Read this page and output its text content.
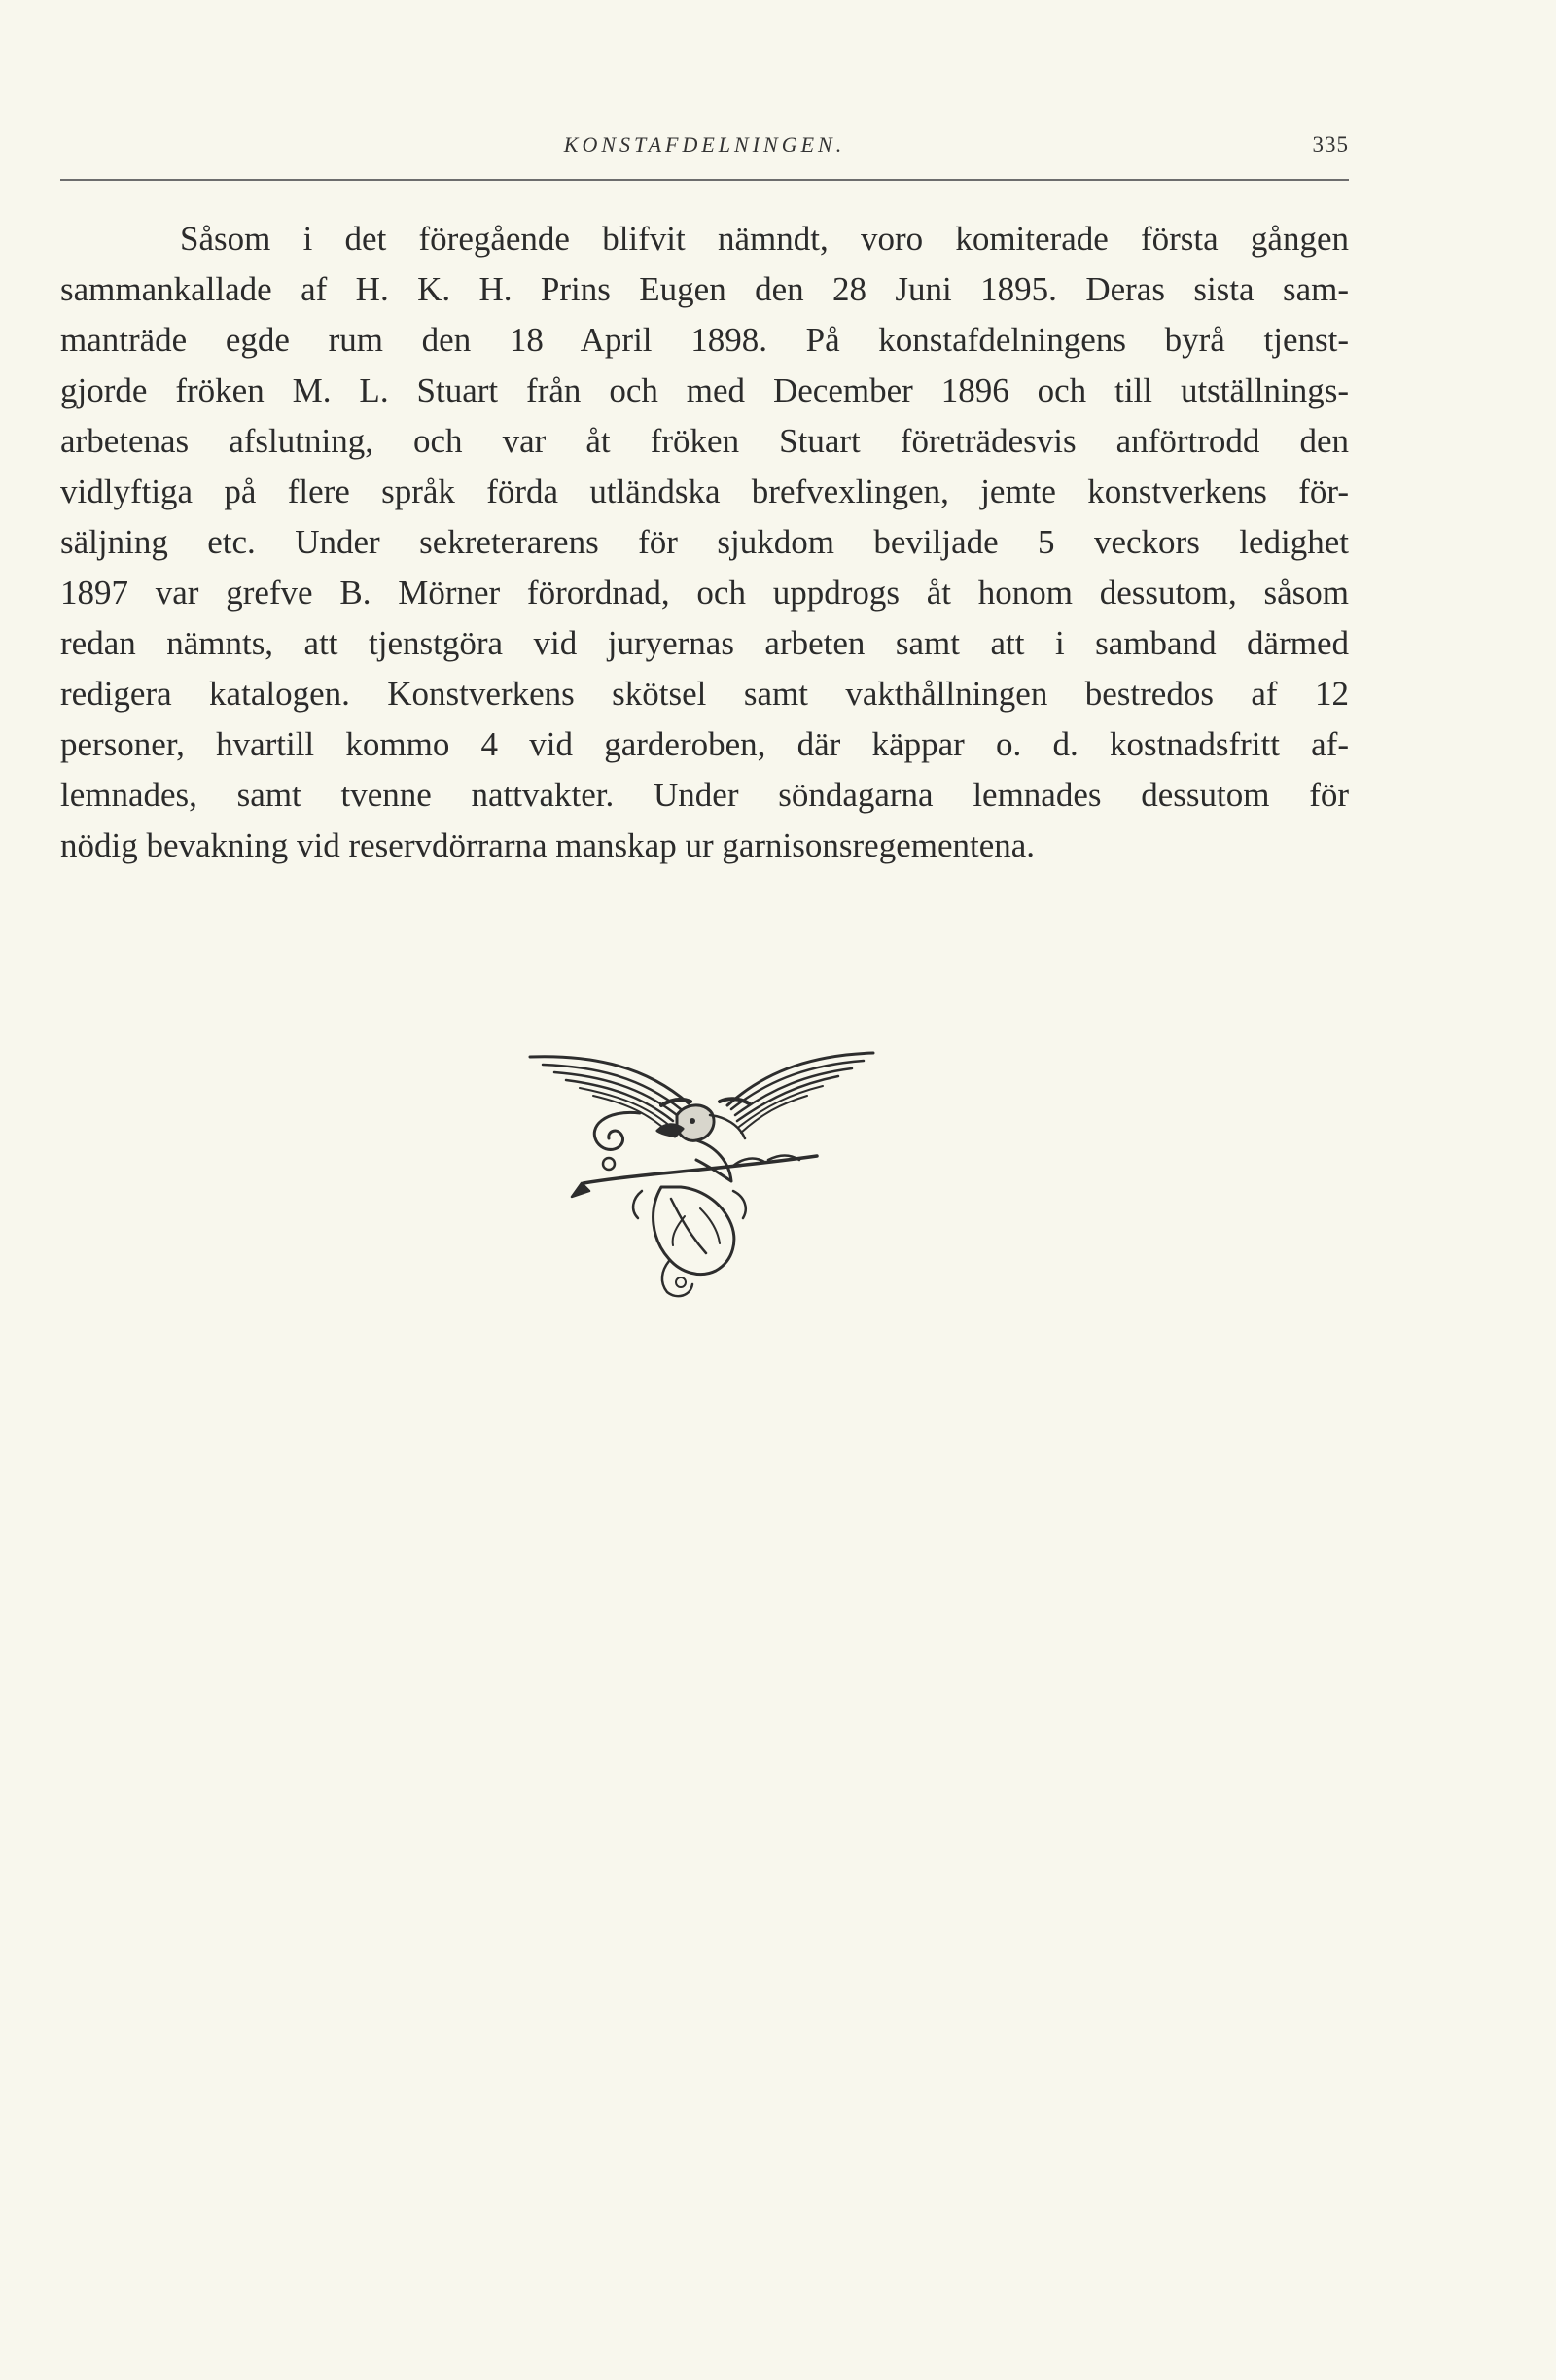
KONSTAFDELNINGEN.	335
Såsom i det föregående blifvit nämndt, voro komiterade första gången
sammankallade af H. K. H. Prins Eugen den 28 Juni 1895. Deras sista sam-
manträde egde rum den 18 April 1898. På konstafdelningens byrå tjenst-
gjorde fröken M. L. Stuart från och med December 1896 och till utställnings-
arbetenas afslutning, och var åt fröken Stuart företrädesvis anförtrodd den
vidlyftiga på flere språk förda utländska brefvexlingen, jemte konstverkens för-
säljning etc. Under sekreterarens för sjukdom beviljade 5 veckors ledighet
1897 var grefve B. Mörner förordnad, och uppdrogs åt honom dessutom, såsom
redan nämnts, att tjenstgöra vid juryernas arbeten samt att i samband därmed
redigera katalogen. Konstverkens skötsel samt vakthållningen bestredos af 12
personer, hvartill kommo 4 vid garderoben, där käppar o. d. kostnadsfritt af-
lemnades, samt tvenne nattvakter. Under söndagarna lemnades dessutom för
nödig bevakning vid reservdörrarna manskap ur garnisonsregementena.
